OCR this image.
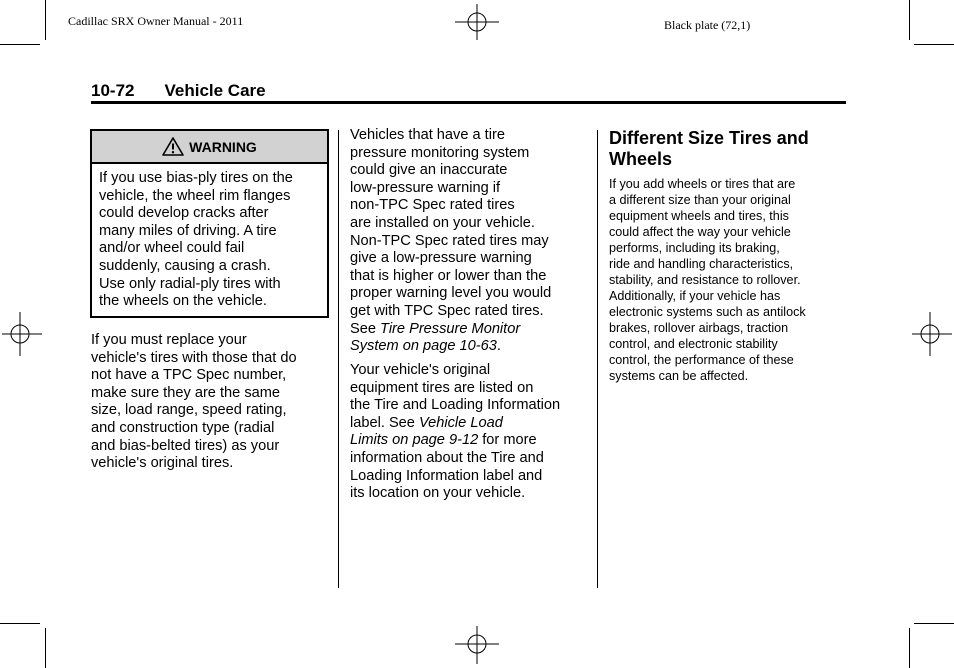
Cadillac SRX Owner Manual - 2011	Black plate (72,1)
10-72 Vehicle Care
WARNING
If you use bias-ply tires on the
vehicle, the wheel rim flanges
could develop cracks after
many miles of driving. A tire
and/or wheel could fail
suddenly, causing a crash.
Use only radial-ply tires with
the wheels on the vehicle.
If you must replace your
vehicle's tires with those that do
not have a TPC Spec number,
make sure they are the same
size, load range, speed rating,
and construction type (radial
and bias-belted tires) as your
vehicle's original tires.
Vehicles that have a tire
pressure monitoring system
could give an inaccurate
low-pressure warning if
non-TPC Spec rated tires
are installed on your vehicle.
Non-TPC Spec rated tires may
give a low-pressure warning
that is higher or lower than the
proper warning level you would
get with TPC Spec rated tires.
See Tire Pressure Monitor
System on page 10-63.
Your vehicle's original
equipment tires are listed on
the Tire and Loading Information
label. See Vehicle Load
Limits on page 9-12 for more
information about the Tire and
Loading Information label and
its location on your vehicle.
Different Size Tires and
Wheels
If you add wheels or tires that are
a different size than your original
equipment wheels and tires, this
could affect the way your vehicle
performs, including its braking,
ride and handling characteristics,
stability, and resistance to rollover.
Additionally, if your vehicle has
electronic systems such as antilock
brakes, rollover airbags, traction
control, and electronic stability
control, the performance of these
systems can be affected.
